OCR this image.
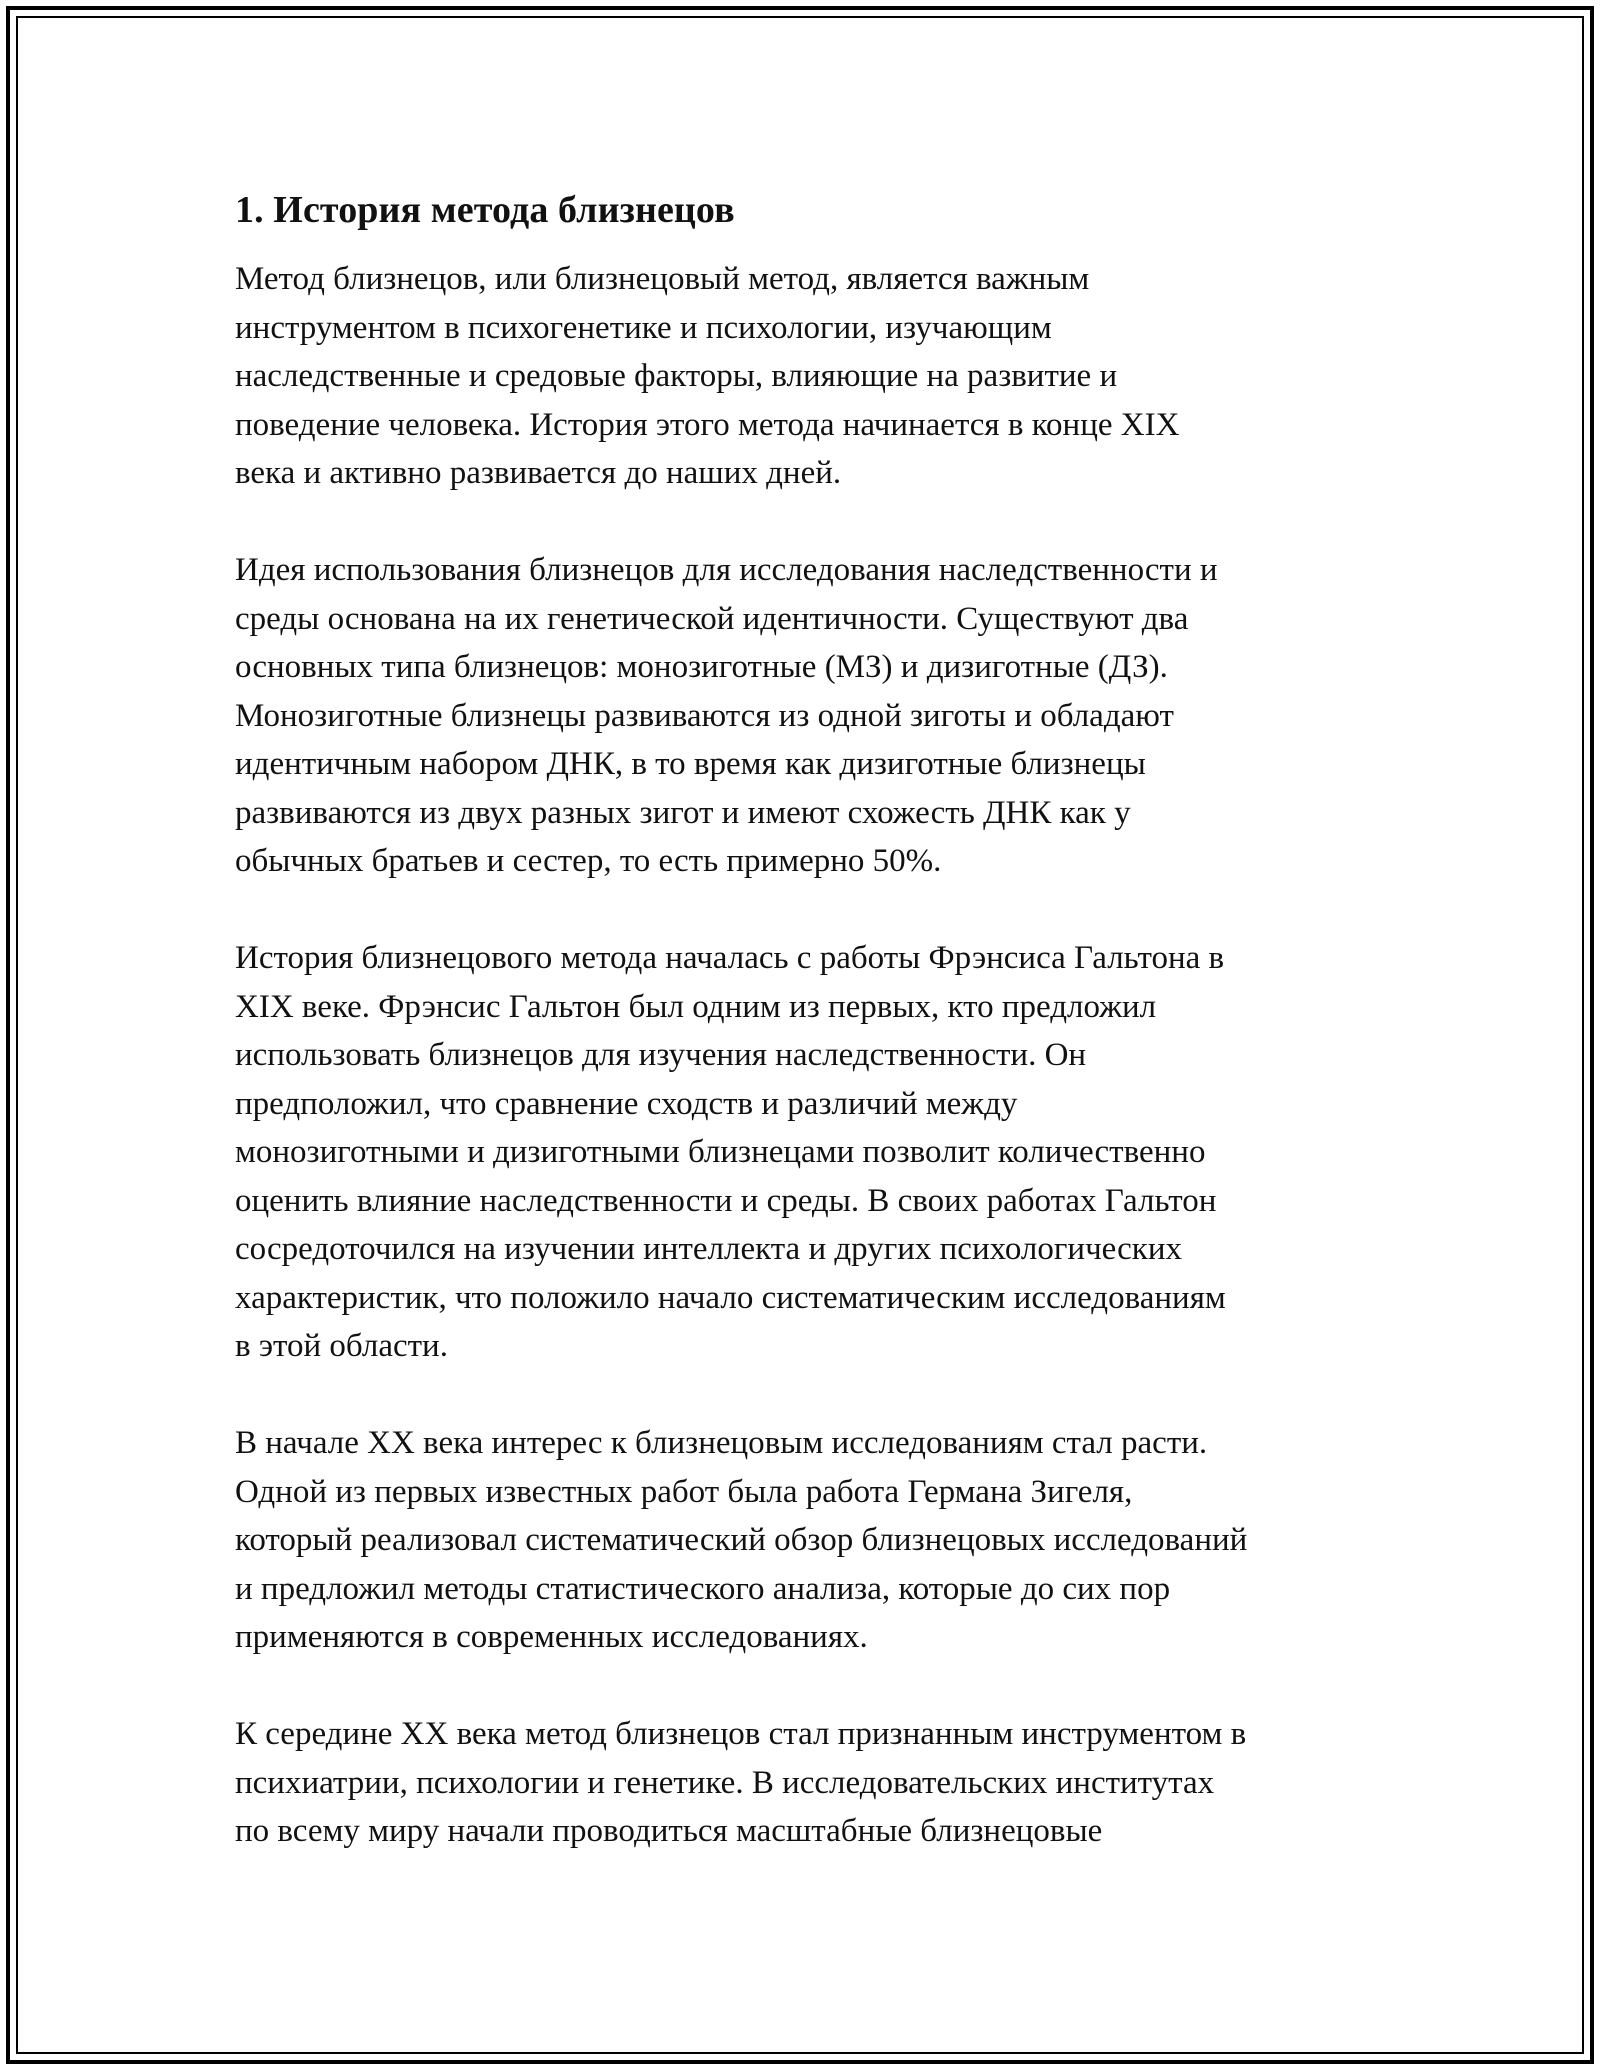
1. История метода близнецов
Метод близнецов, или близнецовый метод, является важным
инструментом в психогенетике и психологии, изучающим
наследственные и средовые факторы, влияющие на развитие и
поведение человека. История этого метода начинается в конце XIX
века и активно развивается до наших дней.
Идея использования близнецов для исследования наследственности и
среды основана на их генетической идентичности. Существуют два
основных типа близнецов: монозиготные (МЗ) и дизиготные (ДЗ).
Монозиготные близнецы развиваются из одной зиготы и обладают
идентичным набором ДНК, в то время как дизиготные близнецы
развиваются из двух разных зигот и имеют схожесть ДНК как у
обычных братьев и сестер, то есть примерно 50%.
История близнецового метода началась с работы Фрэнсиса Гальтона в
XIX веке. Фрэнсис Гальтон был одним из первых, кто предложил
использовать близнецов для изучения наследственности. Он
предположил, что сравнение сходств и различий между
монозиготными и дизиготными близнецами позволит количественно
оценить влияние наследственности и среды. В своих работах Гальтон
сосредоточился на изучении интеллекта и других психологических
характеристик, что положило начало систематическим исследованиям
в этой области.
В начале XX века интерес к близнецовым исследованиям стал расти.
Одной из первых известных работ была работа Германа Зигеля,
который реализовал систематический обзор близнецовых исследований
и предложил методы статистического анализа, которые до сих пор
применяются в современных исследованиях.
К середине XX века метод близнецов стал признанным инструментом в
психиатрии, психологии и генетике. В исследовательских институтах
по всему миру начали проводиться масштабные близнецовые
